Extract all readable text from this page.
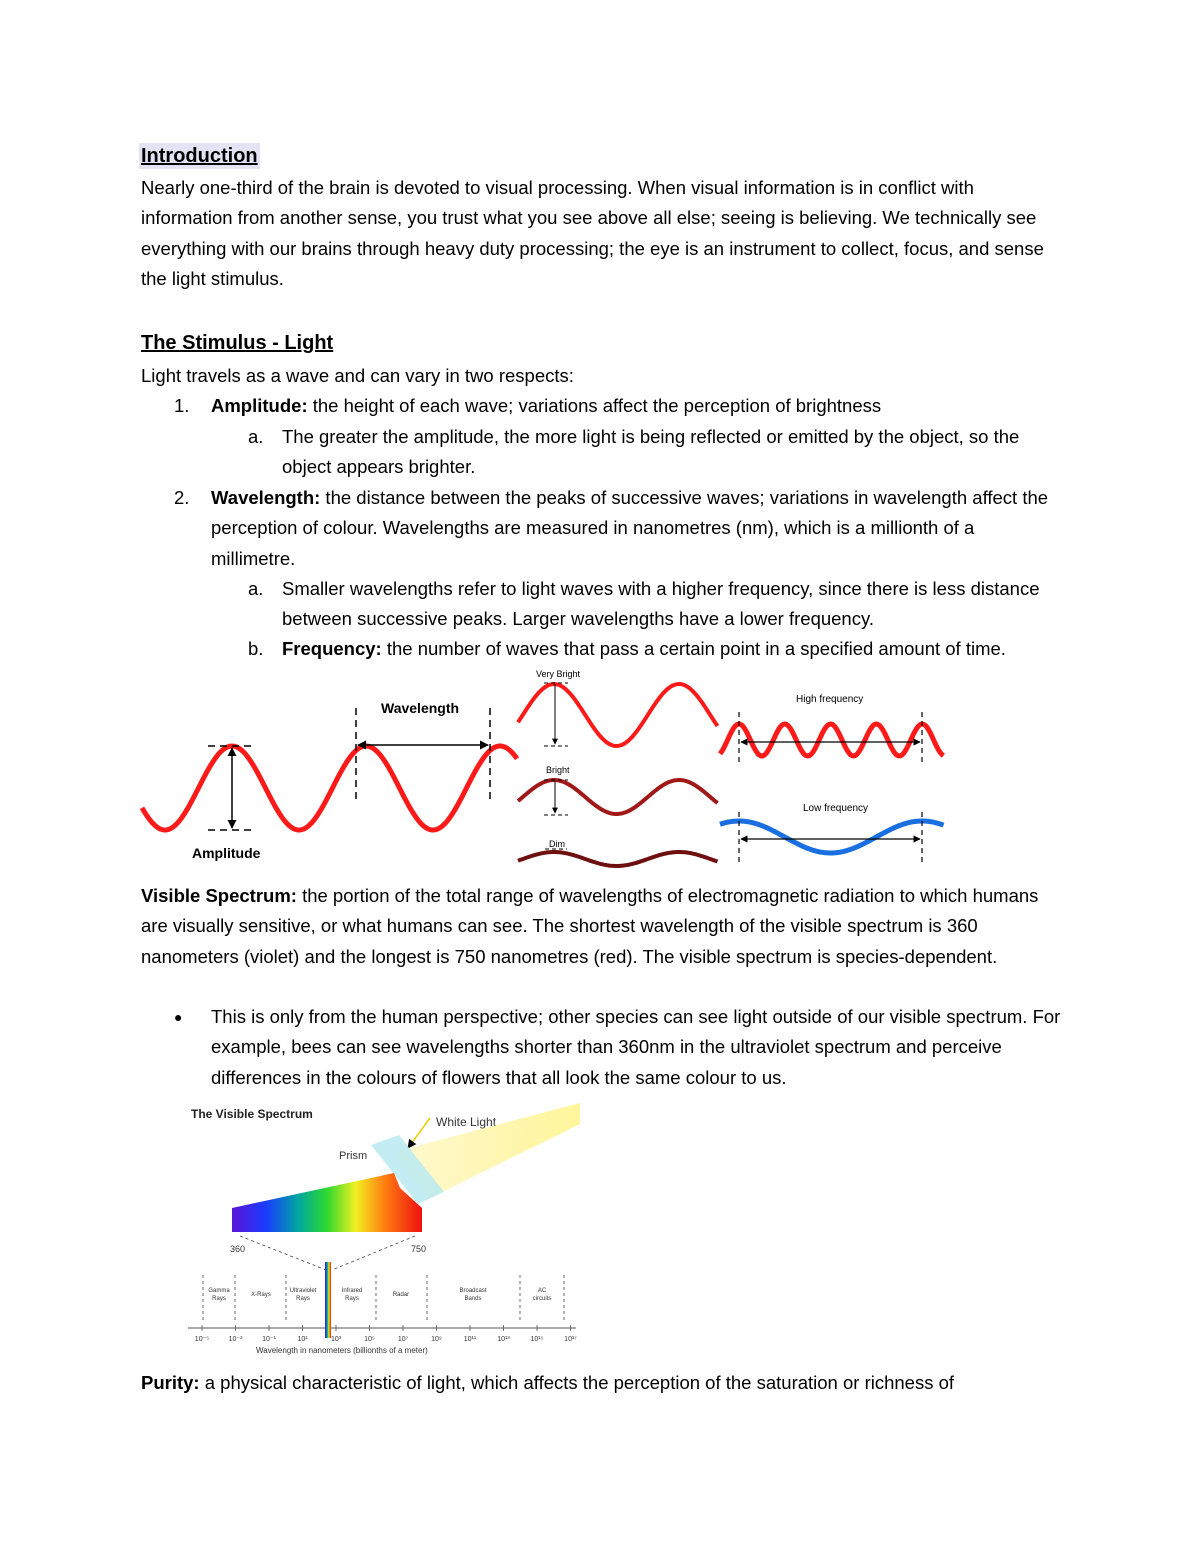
Introduction

Nearly one-third of the brain is devoted to visual processing. When visual information is in conflict with information from another sense, you trust what you see above all else; seeing is believing. We technically see everything with our brains through heavy duty processing; the eye is an instrument to collect, focus, and sense the light stimulus.

The Stimulus - Light

Light travels as a wave and can vary in two respects:

1. Amplitude: the height of each wave; variations affect the perception of brightness

a. The greater the amplitude, the more light is being reflected or emitted by the object, so the object appears brighter.

2. Wavelength: the distance between the peaks of successive waves; variations in wavelength affect the perception of colour. Wavelengths are measured in nanometres (nm), which is a millionth of a millimetre.

a. Smaller wavelengths refer to light waves with a higher frequency, since there is less distance between successive peaks. Larger wavelengths have a lower frequency.

b. Frequency: the number of waves that pass a certain point in a specified amount of time.

Wavelength
Amplitude
Very Bright
Bright
Dim
High frequency
Low frequency

Visible Spectrum: the portion of the total range of wavelengths of electromagnetic radiation to which humans are visually sensitive, or what humans can see. The shortest wavelength of the visible spectrum is 360 nanometers (violet) and the longest is 750 nanometres (red). The visible spectrum is species-dependent.

● This is only from the human perspective; other species can see light outside of our visible spectrum. For example, bees can see wavelengths shorter than 360nm in the ultraviolet spectrum and perceive differences in the colours of flowers that all look the same colour to us.

The Visible Spectrum
White Light
Prism
360	750
Gamma Rays
X-Rays
Ultraviolet Rays
Infrared Rays
Radar
Broadcast Bands
AC circuits
10⁻⁵	10⁻³	10⁻¹	10¹	10³	10⁵	10⁷	10⁹	10¹¹	10¹³	10¹⁵	10¹⁷
Wavelength in nanometers (billionths of a meter)

Purity: a physical characteristic of light, which affects the perception of the saturation or richness of
